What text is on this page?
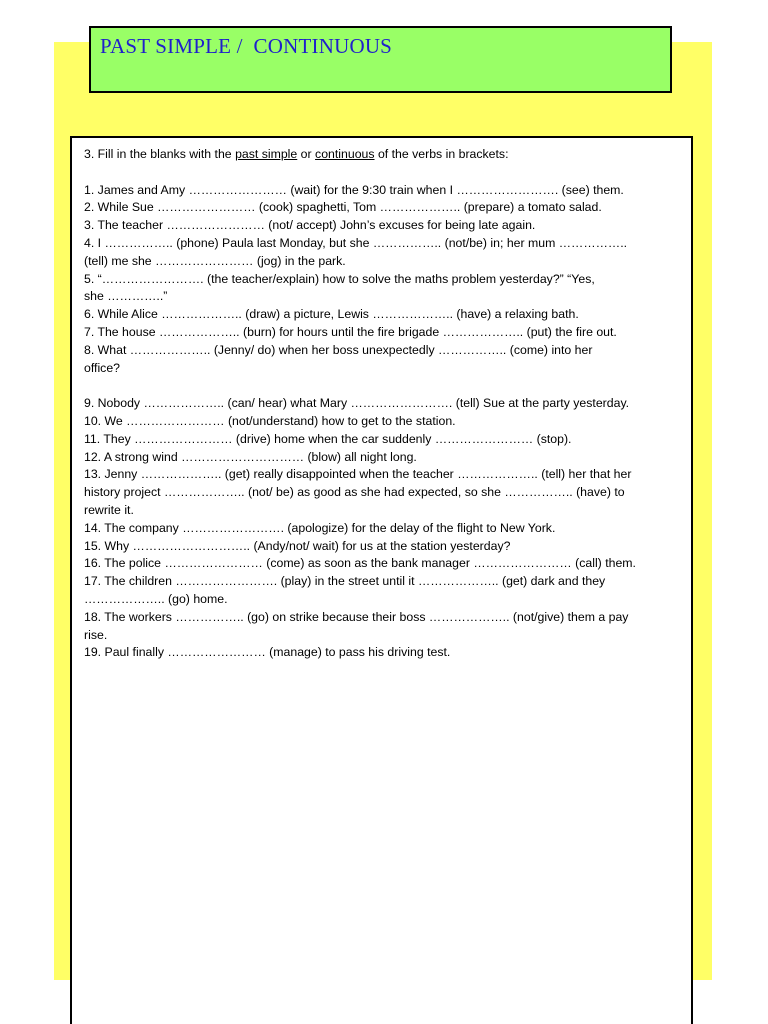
PAST SIMPLE /  CONTINUOUS
3. Fill in the blanks with the past simple or continuous of the verbs in brackets:
1. James and Amy …………………… (wait) for the 9:30 train when I ……………………. (see) them.
2. While Sue …………………… (cook) spaghetti, Tom ……………….. (prepare) a tomato salad.
3. The teacher …………………… (not/ accept) John’s excuses for being late again.
4. I …………….. (phone) Paula last Monday, but she …………….. (not/be) in; her mum ……………..
(tell) me she …………………… (jog) in the park.
5. “……………………. (the teacher/explain) how to solve the maths problem yesterday?” “Yes,
she …………..”
6. While Alice ……………….. (draw) a picture, Lewis ……………….. (have) a relaxing bath.
7. The house ……………….. (burn) for hours until the fire brigade ……………….. (put) the fire out.
8. What ……………….. (Jenny/ do) when her boss unexpectedly …………….. (come) into her
office?
9. Nobody ……………….. (can/ hear) what Mary ……………………. (tell) Sue at the party yesterday.
10. We …………………… (not/understand) how to get to the station.
11. They …………………… (drive) home when the car suddenly …………………… (stop).
12. A strong wind ………………………… (blow) all night long.
13. Jenny ……………….. (get) really disappointed when the teacher ……………….. (tell) her that her
history project ……………….. (not/ be) as good as she had expected, so she …………….. (have) to
rewrite it.
14. The company ……………………. (apologize) for the delay of the flight to New York.
15. Why ……………………….. (Andy/not/ wait) for us at the station yesterday?
16. The police …………………… (come) as soon as the bank manager …………………… (call) them.
17. The children ……………………. (play) in the street until it ……………….. (get) dark and they
……………….. (go) home.
18. The workers …………….. (go) on strike because their boss ……………….. (not/give) them a pay
rise.
19. Paul finally …………………… (manage) to pass his driving test.
